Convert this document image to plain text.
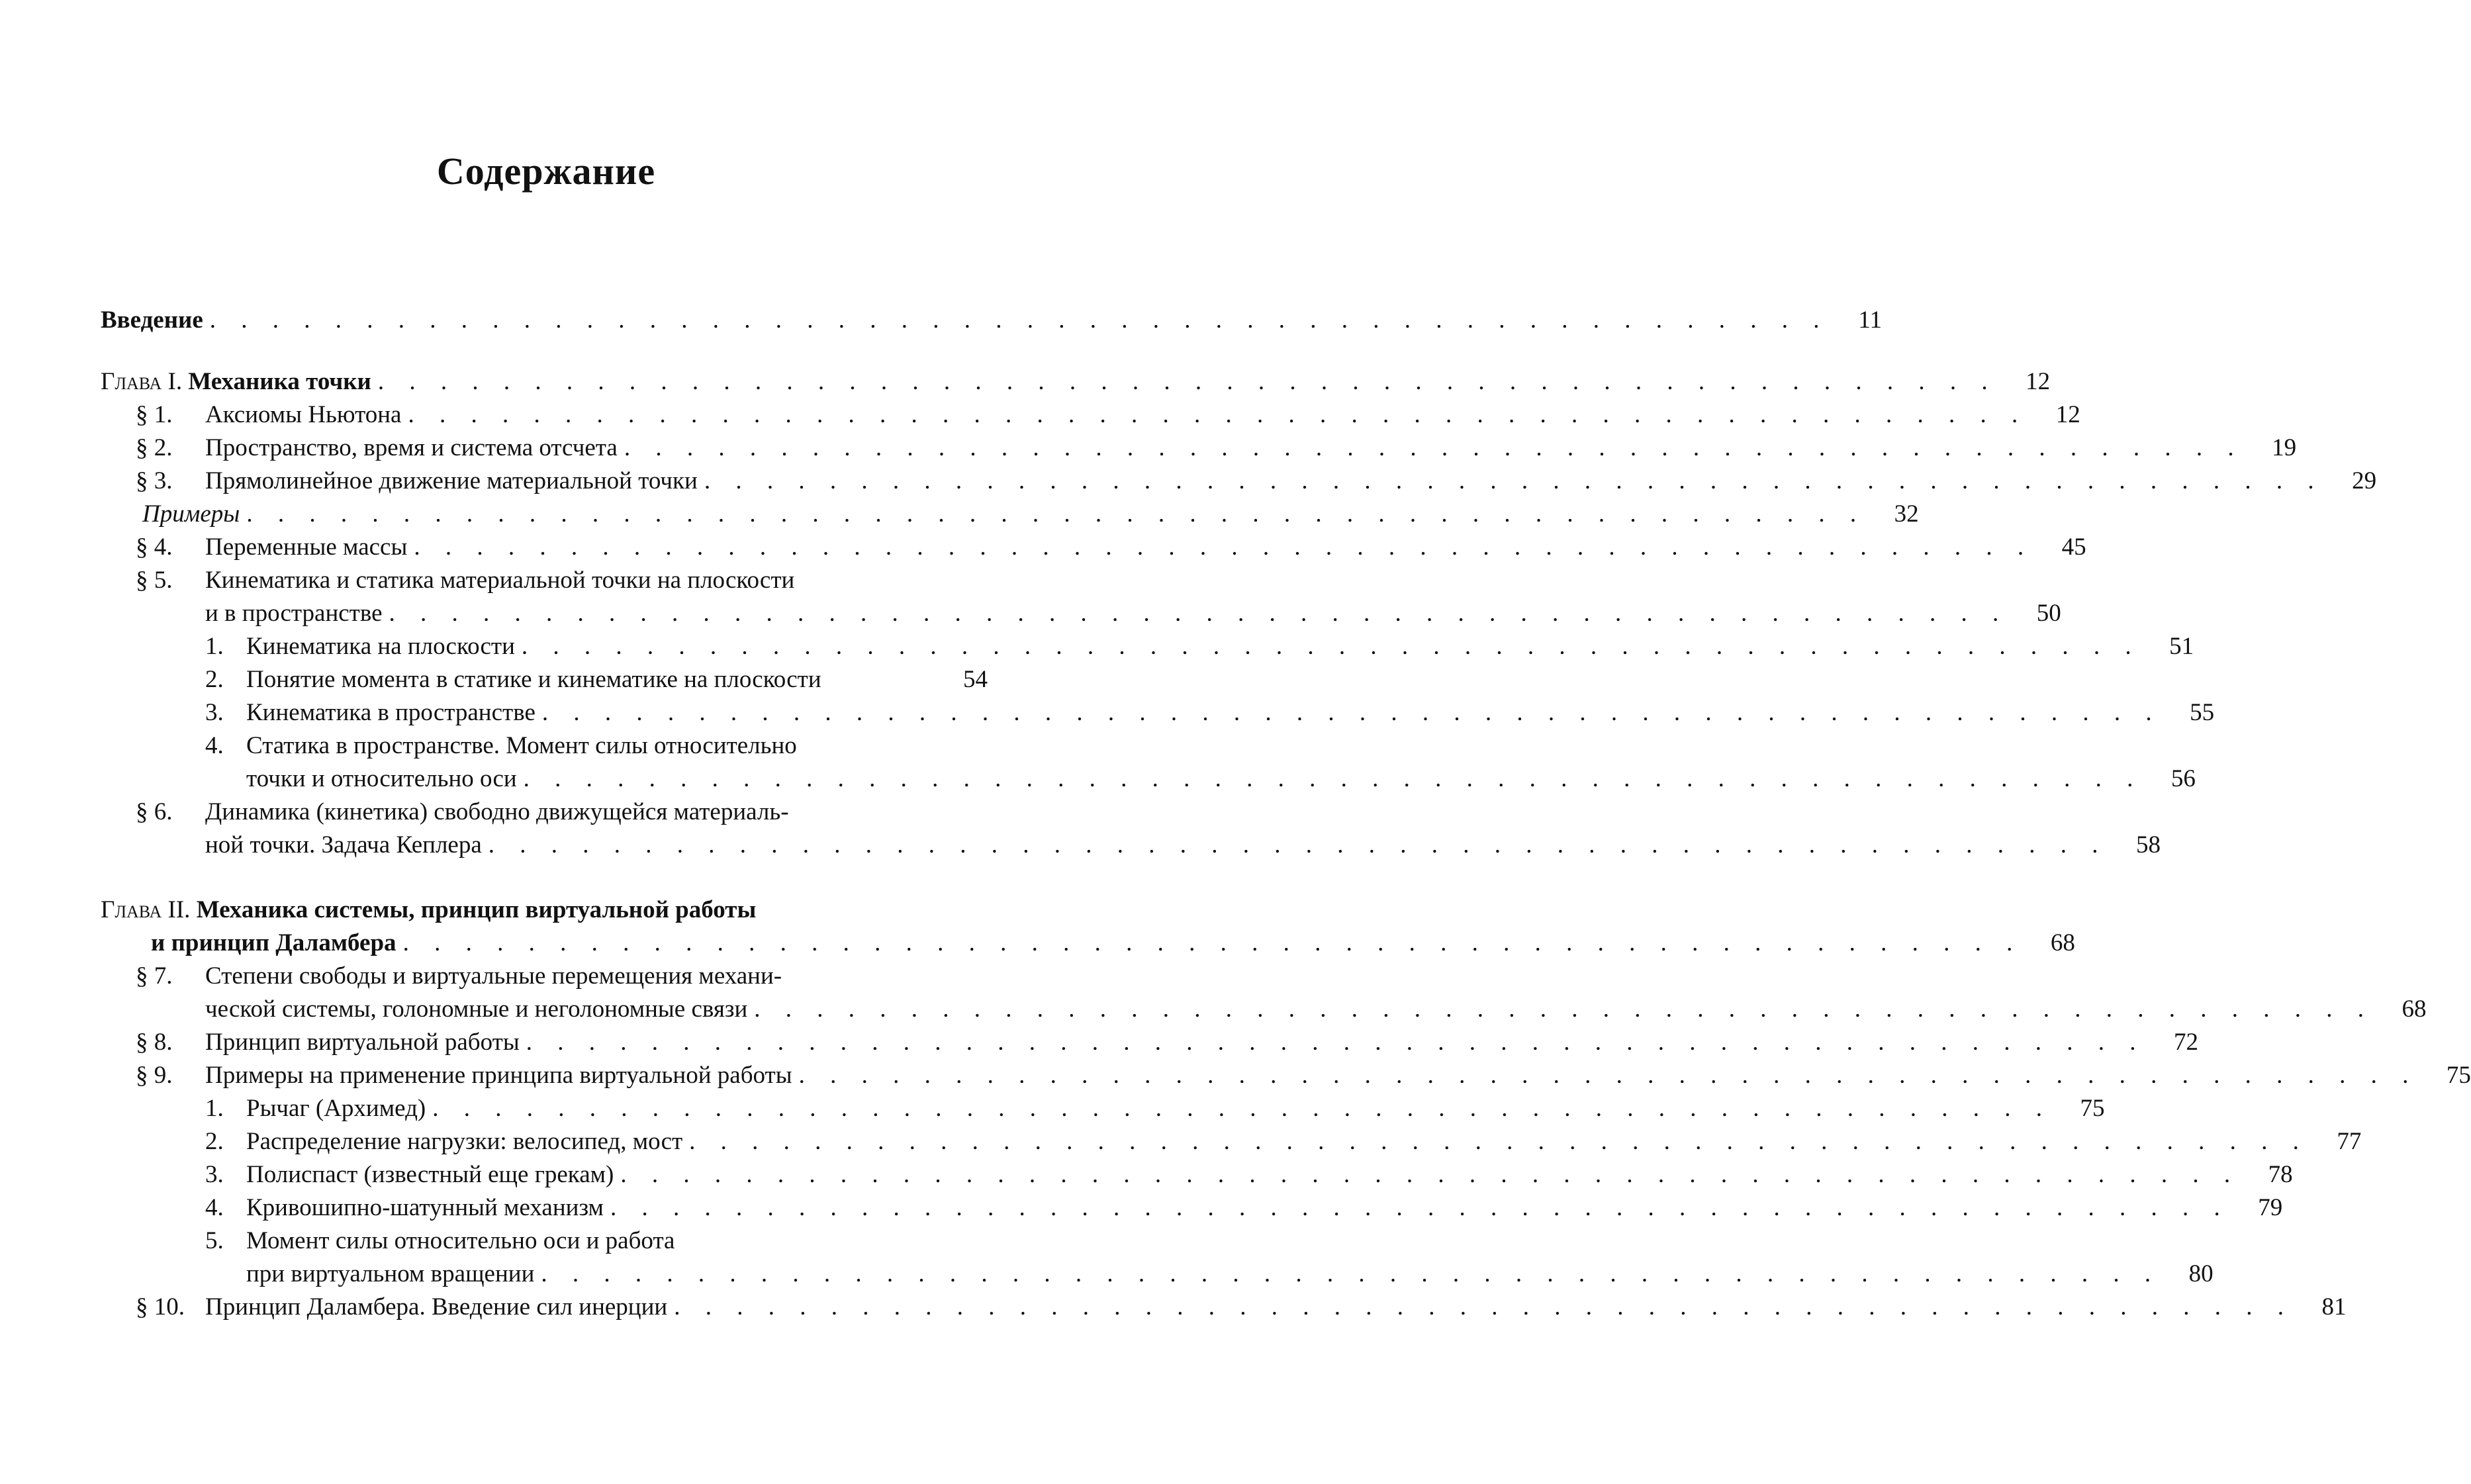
Содержание
Введение . . . . . . . . . . . . . . . . . . . . . . . . . . . . . . . . . . . . . . . . . . . . . . . . . . . .	11
Глава I. Механика точки . . . . . . . . . . . . . . . . . . . . . . . . . . . . . . . . . . . . . . . . . . . . . . . . . . . .	12
§ 1. Аксиомы Ньютона . . . . . . . . . . . . . . . . . . . . . . . . . . . . . . . . . . . . . . . . . . . . . . . . . . . .	12
§ 2. Пространство, время и система отсчета . . . . . . . . . . . . . . . . . . . . . . . . . . . . . . . . . . . . . . . . . . . . . . . . . . . .	19
§ 3. Прямолинейное движение материальной точки . . . . . . . . . . . . . . . . . . . . . . . . . . . . . . . . . . . . . . . . . . . . . . . . . . . .	29
Примеры . . . . . . . . . . . . . . . . . . . . . . . . . . . . . . . . . . . . . . . . . . . . . . . . . . . .	32
§ 4. Переменные массы . . . . . . . . . . . . . . . . . . . . . . . . . . . . . . . . . . . . . . . . . . . . . . . . . . . .	45
§ 5. Кинематика и статика материальной точки на плоскости
и в пространстве . . . . . . . . . . . . . . . . . . . . . . . . . . . . . . . . . . . . . . . . . . . . . . . . . . . .	50
1. Кинематика на плоскости . . . . . . . . . . . . . . . . . . . . . . . . . . . . . . . . . . . . . . . . . . . . . . . . . . . .	51
2. Понятие момента в статике и кинематике на плоскости	54
3. Кинематика в пространстве . . . . . . . . . . . . . . . . . . . . . . . . . . . . . . . . . . . . . . . . . . . . . . . . . . . .	55
4. Статика в пространстве. Момент силы относительно
точки и относительно оси . . . . . . . . . . . . . . . . . . . . . . . . . . . . . . . . . . . . . . . . . . . . . . . . . . . .	56
§ 6. Динамика (кинетика) свободно движущейся материаль-
ной точки. Задача Кеплера . . . . . . . . . . . . . . . . . . . . . . . . . . . . . . . . . . . . . . . . . . . . . . . . . . . .	58
Глава II. Механика системы, принцип виртуальной работы
и принцип Даламбера . . . . . . . . . . . . . . . . . . . . . . . . . . . . . . . . . . . . . . . . . . . . . . . . . . . .	68
§ 7. Степени свободы и виртуальные перемещения механи-
ческой системы, голономные и неголономные связи . . . . . . . . . . . . . . . . . . . . . . . . . . . . . . . . . . . . . . . . . . . . . . . . . . . .	68
§ 8. Принцип виртуальной работы . . . . . . . . . . . . . . . . . . . . . . . . . . . . . . . . . . . . . . . . . . . . . . . . . . . .	72
§ 9. Примеры на применение принципа виртуальной работы . . . . . . . . . . . . . . . . . . . . . . . . . . . . . . . . . . . . . . . . . . . . . . . . . . . .	75
1. Рычаг (Архимед) . . . . . . . . . . . . . . . . . . . . . . . . . . . . . . . . . . . . . . . . . . . . . . . . . . . .	75
2. Распределение нагрузки: велосипед, мост . . . . . . . . . . . . . . . . . . . . . . . . . . . . . . . . . . . . . . . . . . . . . . . . . . . .	77
3. Полиспаст (известный еще грекам) . . . . . . . . . . . . . . . . . . . . . . . . . . . . . . . . . . . . . . . . . . . . . . . . . . . .	78
4. Кривошипно-шатунный механизм . . . . . . . . . . . . . . . . . . . . . . . . . . . . . . . . . . . . . . . . . . . . . . . . . . . .	79
5. Момент силы относительно оси и работа
при виртуальном вращении . . . . . . . . . . . . . . . . . . . . . . . . . . . . . . . . . . . . . . . . . . . . . . . . . . . .	80
§ 10. Принцип Даламбера. Введение сил инерции . . . . . . . . . . . . . . . . . . . . . . . . . . . . . . . . . . . . . . . . . . . . . . . . . . . .	81
